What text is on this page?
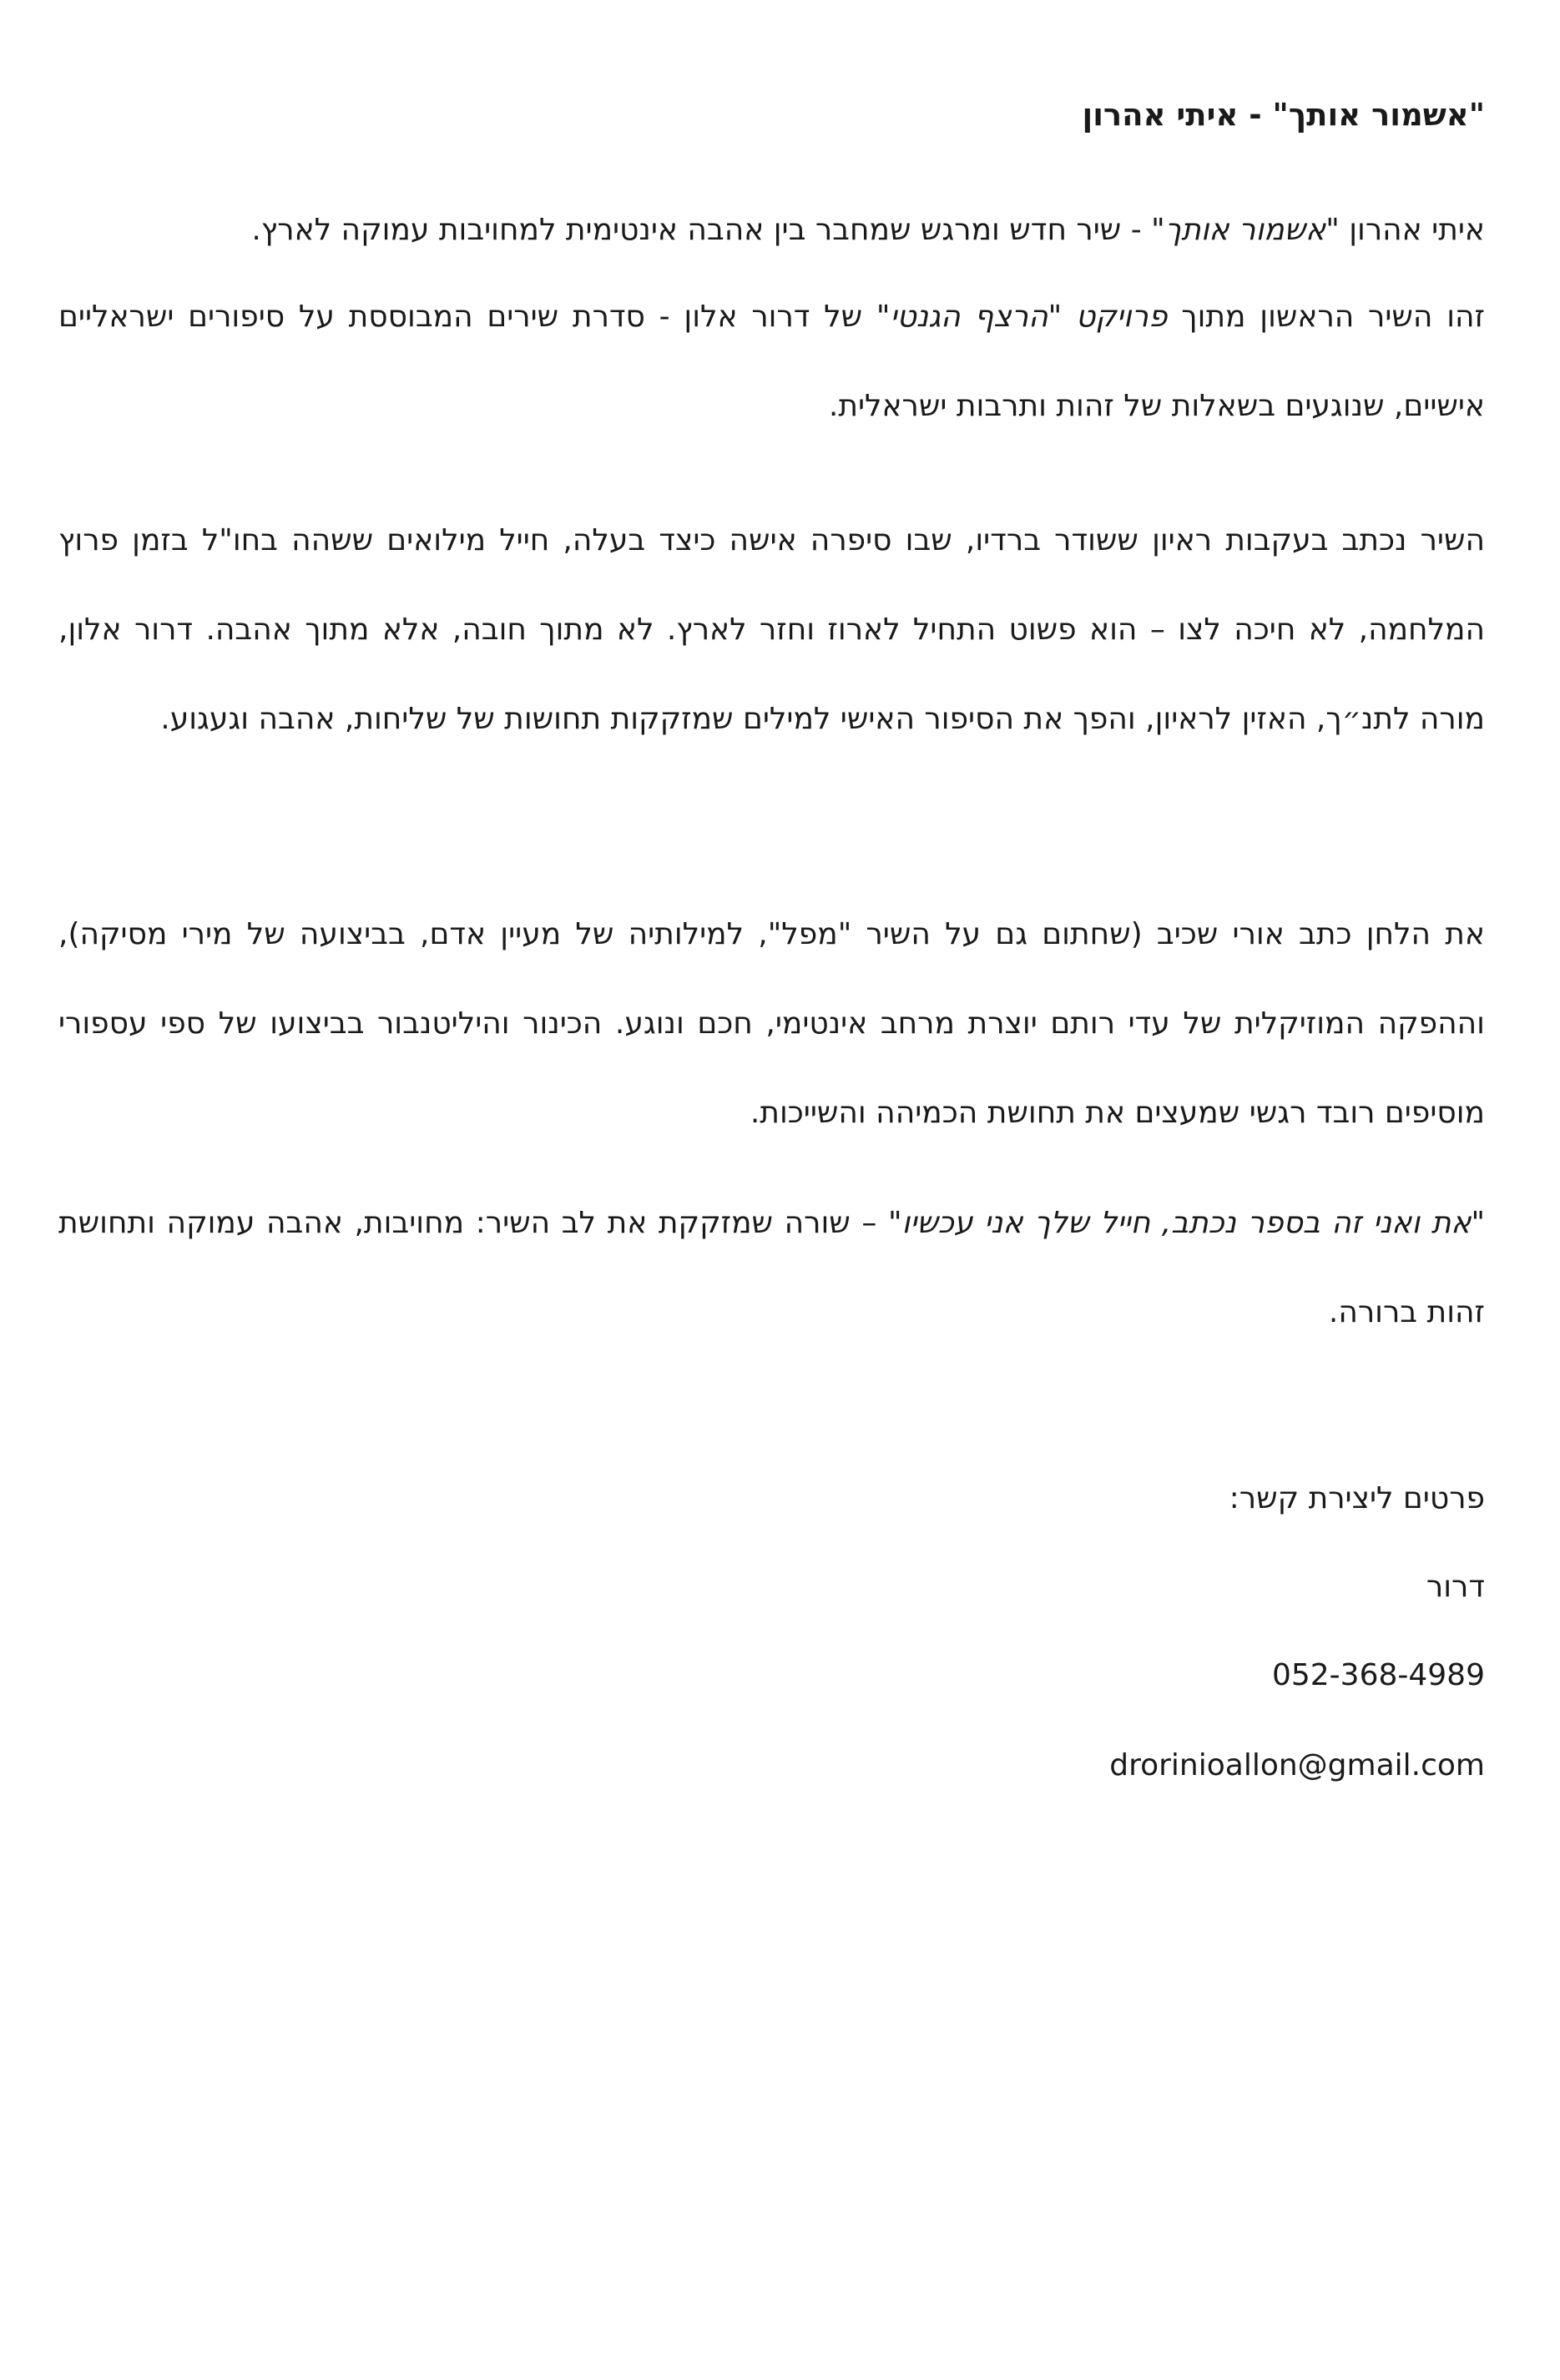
"אשמור אותך" - איתי אהרון

איתי אהרון "אשמור אותך" - שיר חדש ומרגש שמחבר בין אהבה אינטימית למחויבות עמוקה לארץ.

זהו השיר הראשון מתוך פרויקט "הרצף הגנטי" של דרור אלון - סדרת שירים המבוססת על סיפורים ישראליים אישיים, שנוגעים בשאלות של זהות ותרבות ישראלית.

השיר נכתב בעקבות ראיון ששודר ברדיו, שבו סיפרה אישה כיצד בעלה, חייל מילואים ששהה בחו"ל בזמן פרוץ המלחמה, לא חיכה לצו – הוא פשוט התחיל לארוז וחזר לארץ. לא מתוך חובה, אלא מתוך אהבה. דרור אלון, מורה לתנ״ך, האזין לראיון, והפך את הסיפור האישי למילים שמזקקות תחושות של שליחות, אהבה וגעגוע.

את הלחן כתב אורי שכיב (שחתום גם על השיר "מפל", למילותיה של מעיין אדם, בביצועה של מירי מסיקה), וההפקה המוזיקלית של עדי רותם יוצרת מרחב אינטימי, חכם ונוגע. הכינור והיליטנבור בביצועו של ספי עספורי מוסיפים רובד רגשי שמעצים את תחושת הכמיהה והשייכות.

"את ואני זה בספר נכתב, חייל שלך אני עכשיו" – שורה שמזקקת את לב השיר: מחויבות, אהבה עמוקה ותחושת זהות ברורה.

פרטים ליצירת קשר:

דרור

052-368-4989

drorinioallon@gmail.com
